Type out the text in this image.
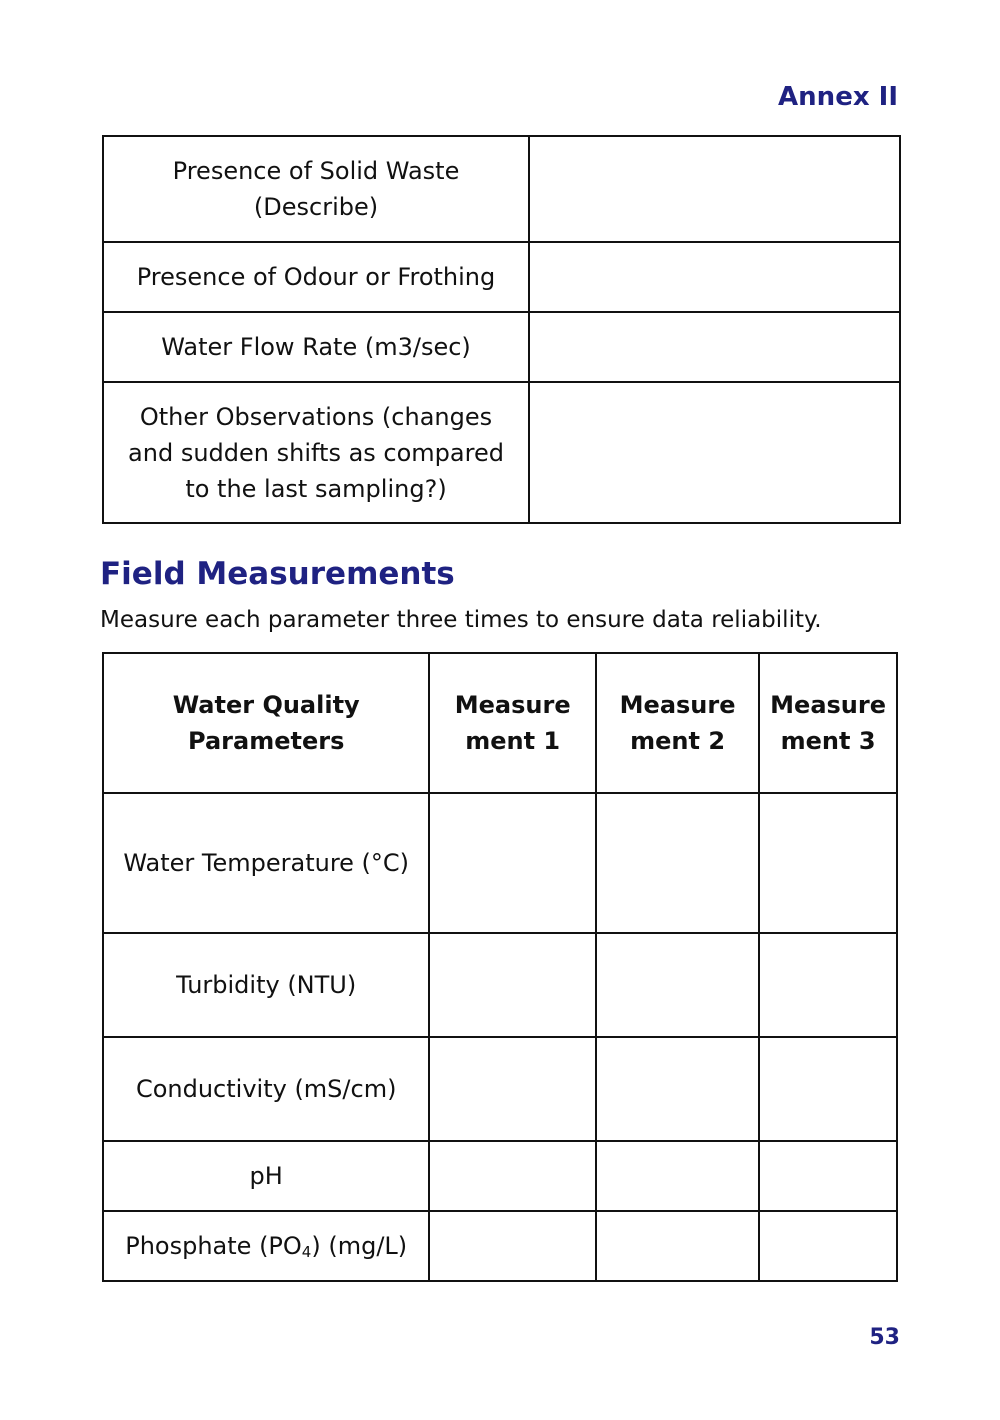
Annex II

Presence of Solid Waste (Describe)	
Presence of Odour or Frothing	
Water Flow Rate (m3/sec)	
Other Observations (changes and sudden shifts as compared to the last sampling?)	
Field Measurements

Measure each parameter three times to ensure data reliability.

Water Quality Parameters	Measure ment 1	Measure ment 2	Measure ment 3
Water Temperature (°C)			
Turbidity (NTU)			
Conductivity (mS/cm)			
pH			
Phosphate $(PO_4)$ (mg/L)			

53
